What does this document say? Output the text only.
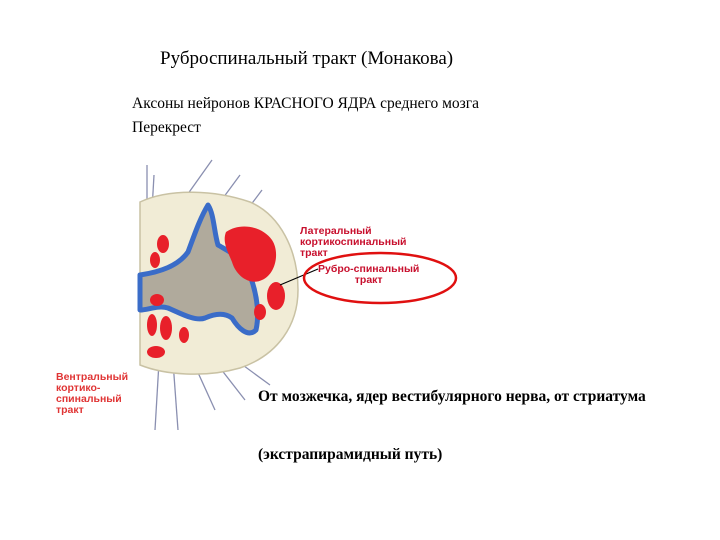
Руброспинальный тракт (Монакова)
Аксоны нейронов КРАСНОГО ЯДРА среднего мозга
Перекрест
Латеральный
кортикоспинальный
тракт
Рубро-спинальный
тракт
Вентральный
кортико-
спинальный
тракт
От мозжечка, ядер вестибулярного нерва, от стриатума
(экстрапирамидный путь)
